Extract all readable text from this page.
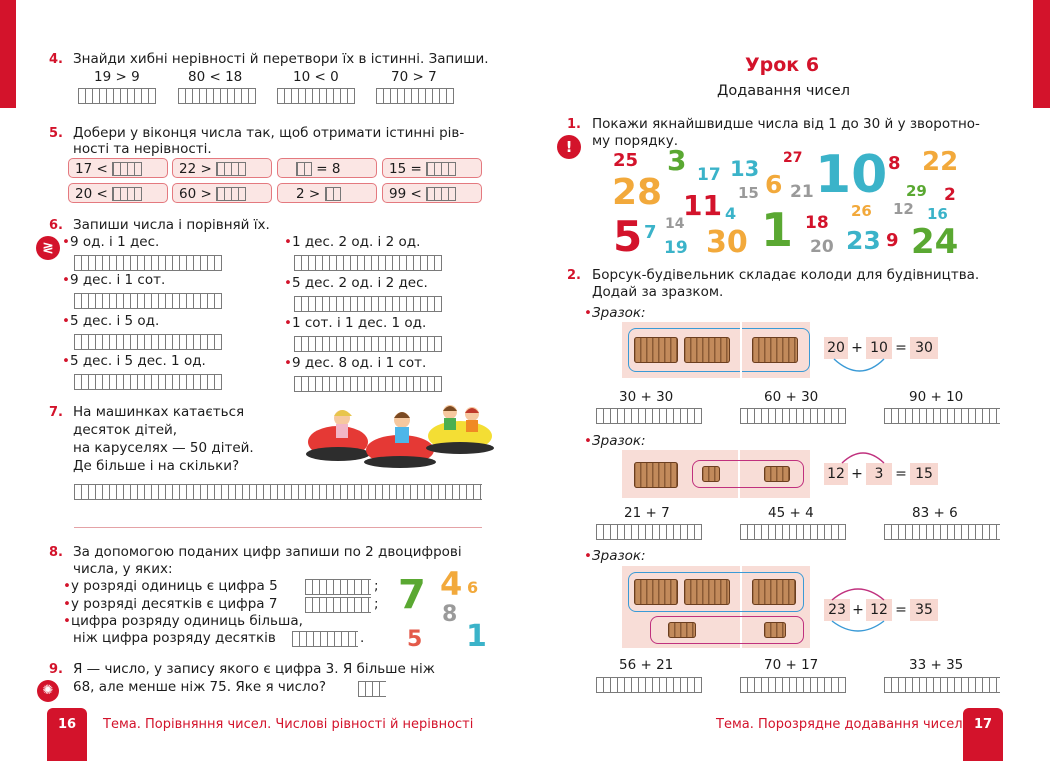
4. Знайди хибні нерівності й перетвори їх в істинні. Запиши.
19 > 9	80 < 18	10 < 0	70 > 7
5. Добери у віконця числа так, щоб отримати істинні рів-
ності та нерівності.
17 <	22 >	= 8	15 =
20 <	60 >	2 >	99 <
6. Запиши числа і порівняй їх.
≷ •9 од. і 1 дес.
•9 дес. і 1 сот.
•5 дес. і 5 од.
•5 дес. і 5 дес. 1 од.
•1 дес. 2 од. і 2 од.
•5 дес. 2 од. і 2 дес.
•1 сот. і 1 дес. 1 од.
•9 дес. 8 од. і 1 сот.
7. На машинках катається
десяток дітей,
на каруселях — 50 дітей.
Де більше і на скільки?
8. За допомогою поданих цифр запиши по 2 двоцифрові
числа, у яких:
•у розряді одиниць є цифра 5	;
•у розряді десятків є цифра 7	;
•цифра розряду одиниць більша,
ніж цифра розряду десятків	.
7 4 6
8
5 1
9.
✺
Я — число, у запису якого є цифра 3. Я більше ніж
68, але менше ніж 75. Яке я число?
16	Тема. Порівняння чисел. Числові рівності й нерівності
Урок 6
Додавання чисел
1.
!
Покажи якнайшвидше числа від 1 до 30 й у зворотно-
му порядку.
25 3 17 13 27 10 8 22
28	15 6 21	29 2
11 4 1 18
26 12 16
5 7 14
19 30	20 23 9 24
2. Борсук-будівельник складає колоди для будівництва.
Додай за зразком.
•Зразок:
20 + 10 = 30
30 + 30	60 + 30	90 + 10
•Зразок:
12 + 3 = 15
21 + 7	45 + 4	83 + 6
•Зразок:
23 + 12 = 35
56 + 21	70 + 17	33 + 35
Тема. Порозрядне додавання чисел 17
